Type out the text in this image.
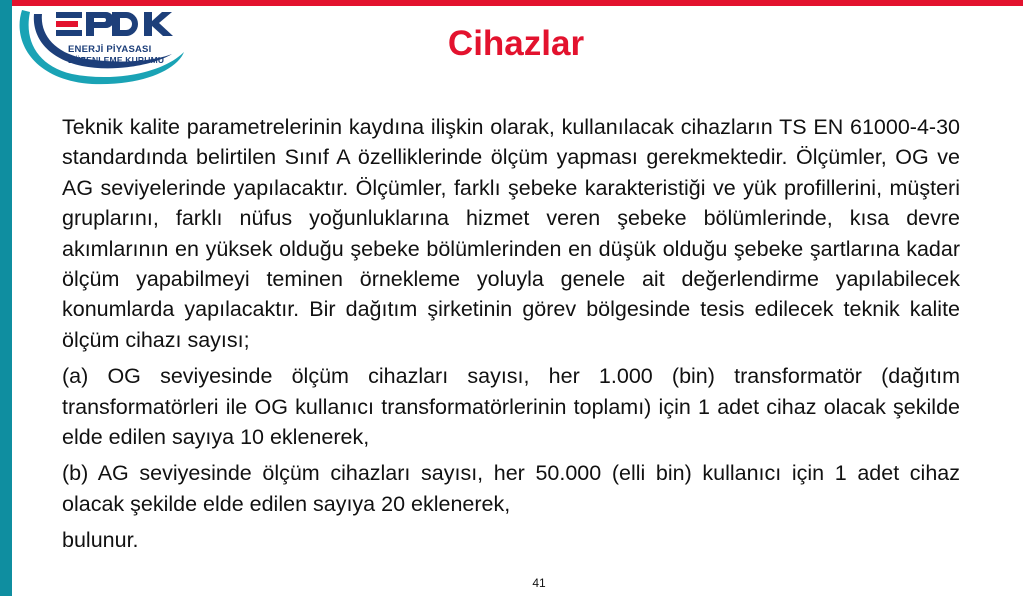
ENERJİ PİYASASI
DÜZENLEME KURUMU	Cihazlar

Teknik kalite parametrelerinin kaydına ilişkin olarak, kullanılacak cihazların TS EN 61000-4-30 standardında belirtilen Sınıf A özelliklerinde ölçüm yapması gerekmektedir. Ölçümler, OG ve AG seviyelerinde yapılacaktır. Ölçümler, farklı şebeke karakteristiği ve yük profillerini, müşteri gruplarını, farklı nüfus yoğunluklarına hizmet veren şebeke bölümlerinde, kısa devre akımlarının en yüksek olduğu şebeke bölümlerinden en düşük olduğu şebeke şartlarına kadar ölçüm yapabilmeyi teminen örnekleme yoluyla genele ait değerlendirme yapılabilecek konumlarda yapılacaktır. Bir dağıtım şirketinin görev bölgesinde tesis edilecek teknik kalite ölçüm cihazı sayısı;

(a) OG seviyesinde ölçüm cihazları sayısı, her 1.000 (bin) transformatör (dağıtım transformatörleri ile OG kullanıcı transformatörlerinin toplamı) için 1 adet cihaz olacak şekilde elde edilen sayıya 10 eklenerek,

(b) AG seviyesinde ölçüm cihazları sayısı, her 50.000 (elli bin) kullanıcı için 1 adet cihaz olacak şekilde elde edilen sayıya 20 eklenerek,

bulunur.

41
